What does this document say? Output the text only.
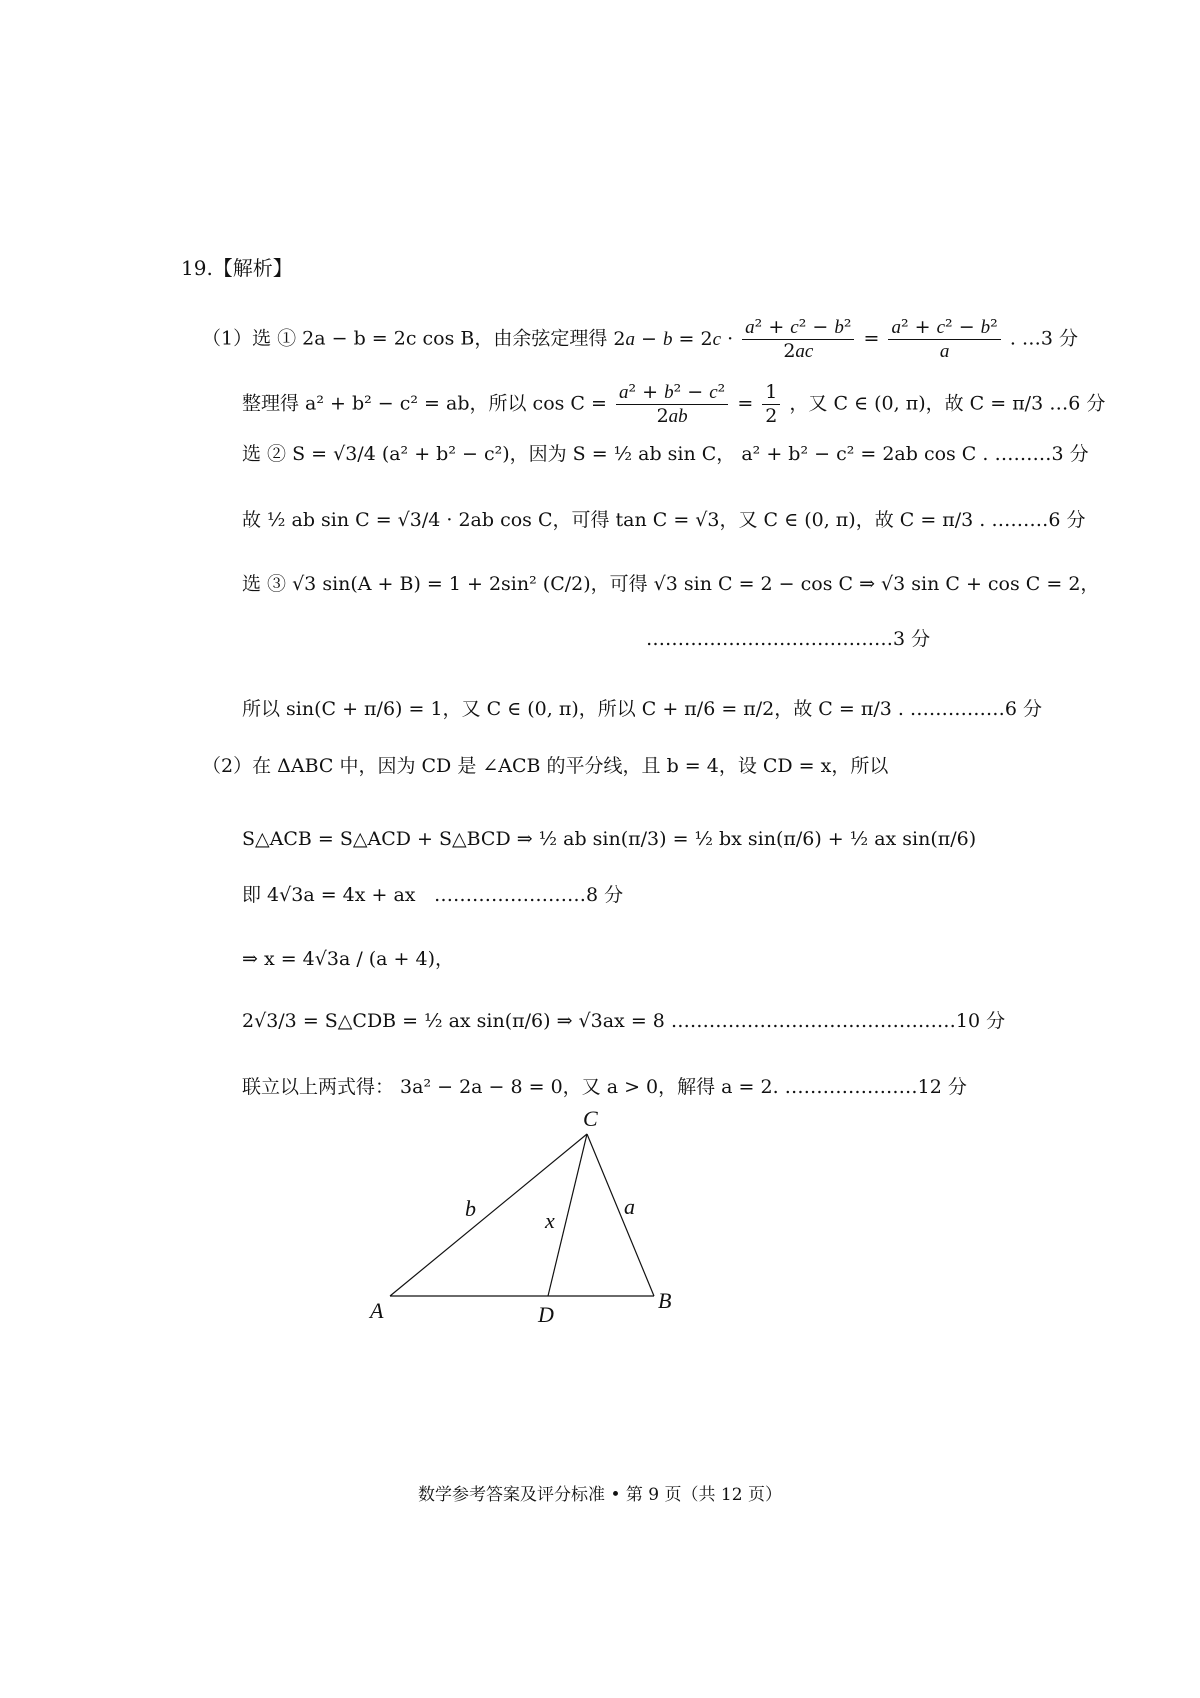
19.【解析】
（1）选 ① 2a − b = 2c cos B，由余弦定理得 $2a - b = 2c \cdot \frac{\text{a² + c² − b²}}{2ac} = \frac{\text{a² + c² − b²}}{a}$ . …3 分
整理得 a² + b² − c² = ab，所以 $\cos C = \frac{\text{a² + b² − c²}}{2ab} = \frac{1}{2}$ ，又 C ∈ (0, π)，故 C = π/3 …6 分
选 ② S = √3/4 (a² + b² − c²)，因为 S = ½ ab sin C， a² + b² − c² = 2ab cos C . ………3 分
故 ½ ab sin C = √3/4 · 2ab cos C，可得 tan C = √3，又 C ∈ (0, π)，故 C = π/3 . ………6 分
选 ③ √3 sin(A + B) = 1 + 2sin² (C/2)，可得 √3 sin C = 2 − cos C ⇒ √3 sin C + cos C = 2，
…………………………………3 分
所以 sin(C + π/6) = 1，又 C ∈ (0, π)，所以 C + π/6 = π/2，故 C = π/3 . ……………6 分
（2）在 ΔABC 中，因为 CD 是 ∠ACB 的平分线，且 b = 4，设 CD = x，所以
S△ACB = S△ACD + S△BCD ⇒ ½ ab sin(π/3) = ½ bx sin(π/6) + ½ ax sin(π/6)
即 4√3a = 4x + ax ……………………8 分
⇒ x = 4√3a / (a + 4)，
2√3/3 = S△CDB = ½ ax sin(π/6) ⇒ √3ax = 8 ………………………………………10 分
联立以上两式得： 3a² − 2a − 8 = 0，又 a > 0，解得 a = 2. …………………12 分
C
A	B
D
b	a
x
数学参考答案及评分标准 • 第 9 页（共 12 页）
